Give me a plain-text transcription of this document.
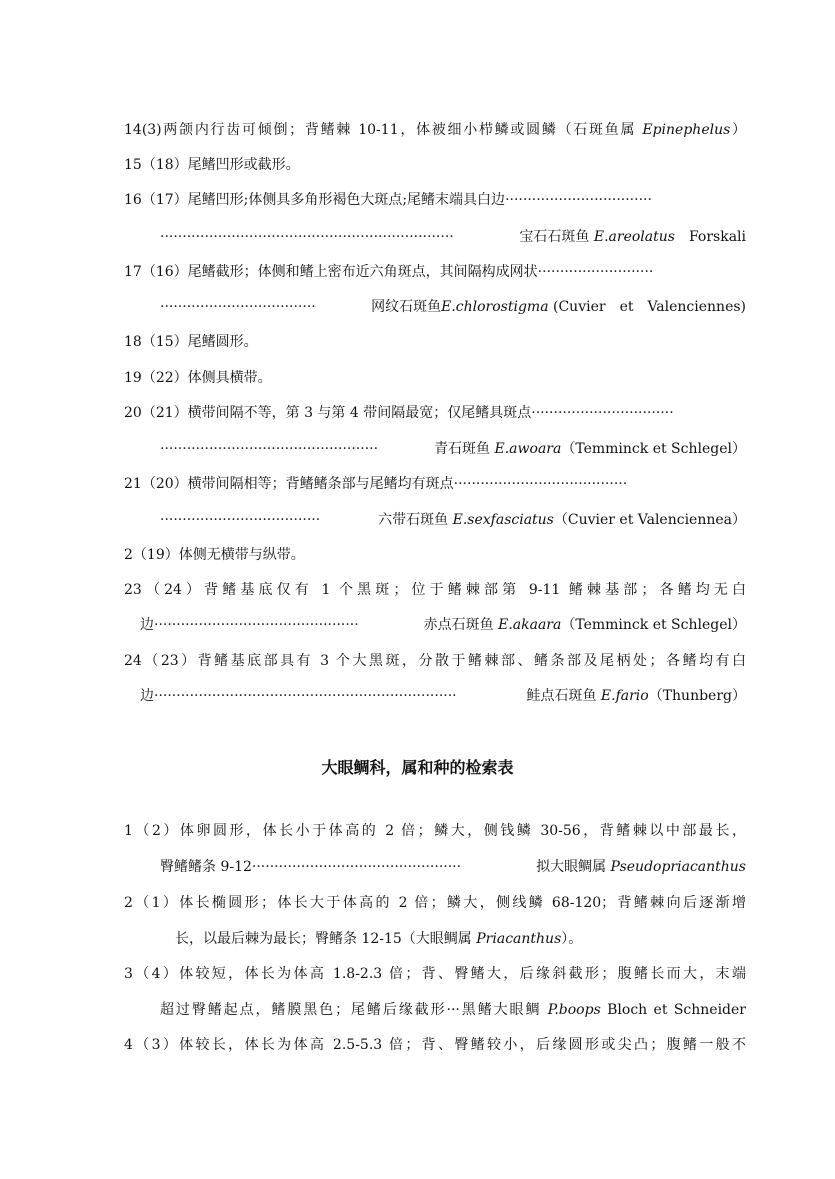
14(3)两颌内行齿可倾倒；背鳍棘 10-11，体被细小栉鳞或圆鳞（石斑鱼属 Epinephelus）
15（18）尾鳍凹形或截形。
16（17）尾鳍凹形;体侧具多角形褐色大斑点;尾鳍末端具白边 ·································
··································································	宝石石斑鱼 E.areolatus　Forskali
17（16）尾鳍截形；体侧和鳍上密布近六角斑点，其间隔构成网状 ··························
···································	网纹石斑鱼E.chlorostigma (Cuvier　et　Valenciennes)
18（15）尾鳍圆形。
19（22）体侧具横带。
20（21）横带间隔不等，第 3 与第 4 带间隔最宽；仅尾鳍具斑点 ································
·················································	青石斑鱼 E.awoara（Temminck et Schlegel）
21（20）横带间隔相等；背鳍鳍条部与尾鳍均有斑点 ·······································
····································	六带石斑鱼 E.sexfasciatus（Cuvier et Valenciennea）
2（19）体侧无横带与纵带。
23（24）背鳍基底仅有 1 个黑斑；位于鳍棘部第 9-11 鳍棘基部；各鳍均无白
边 ··············································	赤点石斑鱼 E.akaara（Temminck et Schlegel）
24（23）背鳍基底部具有 3 个大黑斑，分散于鳍棘部、鳍条部及尾柄处；各鳍均有白
边 ····································································	鲑点石斑鱼 E.fario（Thunberg）
大眼鲷科，属和种的检索表
1（2）体卵圆形，体长小于体高的 2 倍；鳞大，侧钱鳞 30-56，背鳍棘以中部最长，
臀鳍鳍条 9-12 ···············································	拟大眼鲷属 Pseudopriacanthus
2（1）体长椭圆形；体长大于体高的 2 倍；鳞大，侧线鳞 68-120；背鳍棘向后逐渐增
长，以最后棘为最长；臀鳍条 12-15（大眼鲷属 Priacanthus）。
3（4）体较短，体长为体高 1.8-2.3 倍；背、臀鳍大，后缘斜截形；腹鳍长而大，末端
超过臀鳍起点，鳍膜黑色；尾鳍后缘截形···黑鳍大眼鲷 P.boops Bloch et Schneider
4（3）体较长，体长为体高 2.5-5.3 倍；背、臀鳍较小，后缘圆形或尖凸；腹鳍一般不
